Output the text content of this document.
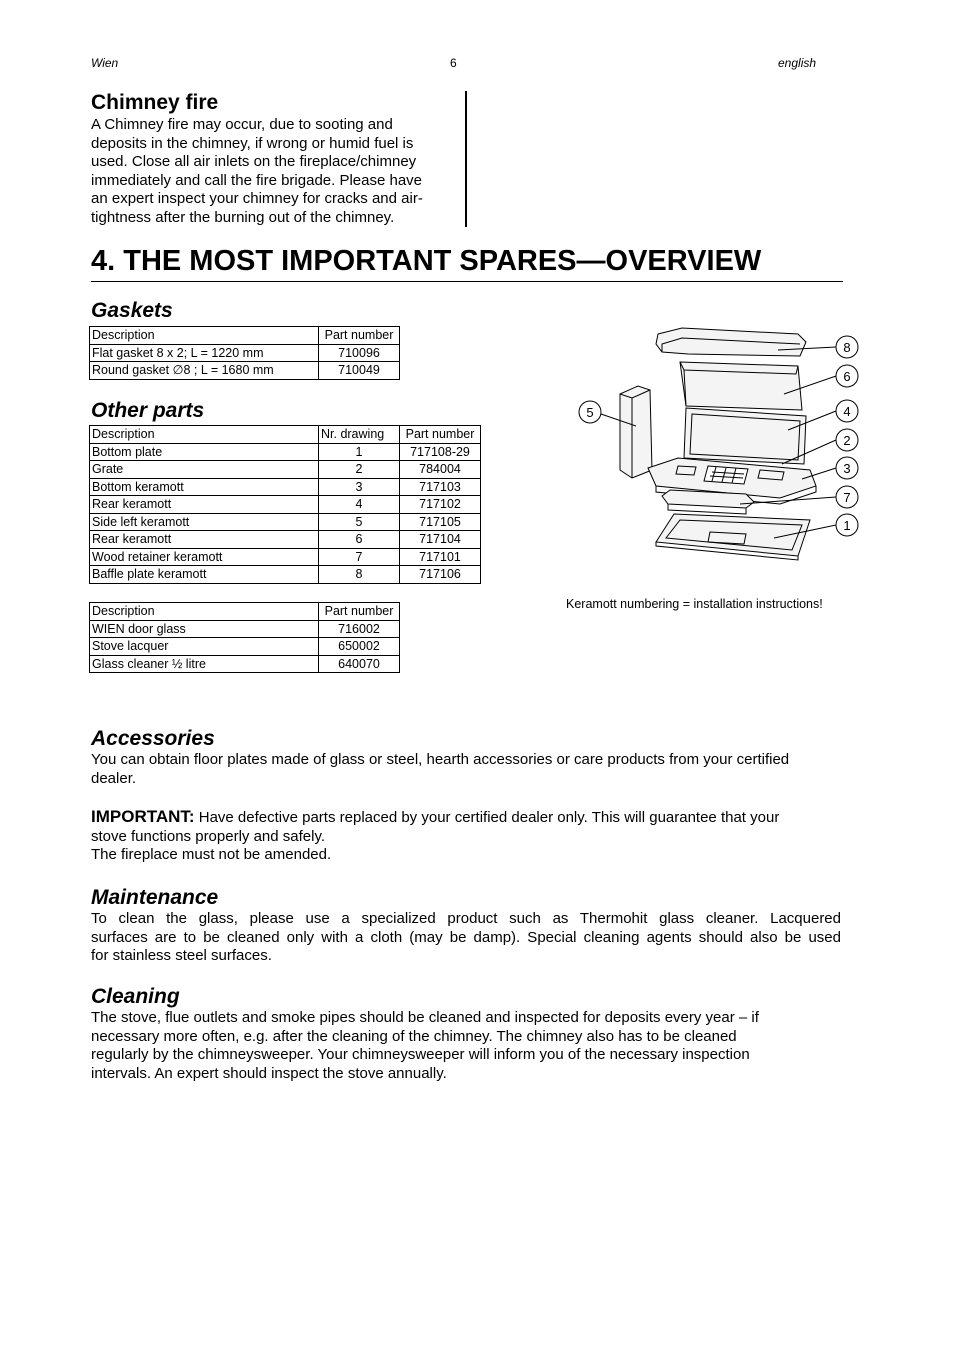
Wien	6	english
Chimney fire
A Chimney fire may occur, due to sooting and
deposits in the chimney, if wrong or humid fuel is
used. Close all air inlets on the fireplace/chimney
immediately and call the fire brigade. Please have
an expert inspect your chimney for cracks and air-
tightness after the burning out of the chimney.
4. THE MOST IMPORTANT SPARES—OVERVIEW
Gaskets
Description	Part number
Flat gasket 8 x 2; L = 1220 mm	710096
Round gasket ∅8 ; L = 1680 mm	710049
Other parts
Description	Nr. drawing	Part number
Bottom plate	1	717108-29
Grate	2	784004
Bottom keramott	3	717103
Rear keramott	4	717102
Side left keramott	5	717105
Rear keramott	6	717104
Wood retainer keramott	7	717101
Baffle plate keramott	8	717106
Description	Part number
WIEN door glass	716002
Stove lacquer	650002
Glass cleaner ½ litre	640070
8
6
5	4
2
3
7
1
Keramott numbering = installation instructions!
Accessories
You can obtain floor plates made of glass or steel, hearth accessories or care products from your certified
dealer.
IMPORTANT: Have defective parts replaced by your certified dealer only. This will guarantee that your
stove functions properly and safely.
The fireplace must not be amended.
Maintenance
To clean the glass, please use a specialized product such as Thermohit glass cleaner. Lacquered
surfaces are to be cleaned only with a cloth (may be damp). Special cleaning agents should also be used
for stainless steel surfaces.
Cleaning
The stove, flue outlets and smoke pipes should be cleaned and inspected for deposits every year – if
necessary more often, e.g. after the cleaning of the chimney. The chimney also has to be cleaned
regularly by the chimneysweeper. Your chimneysweeper will inform you of the necessary inspection
intervals. An expert should inspect the stove annually.
